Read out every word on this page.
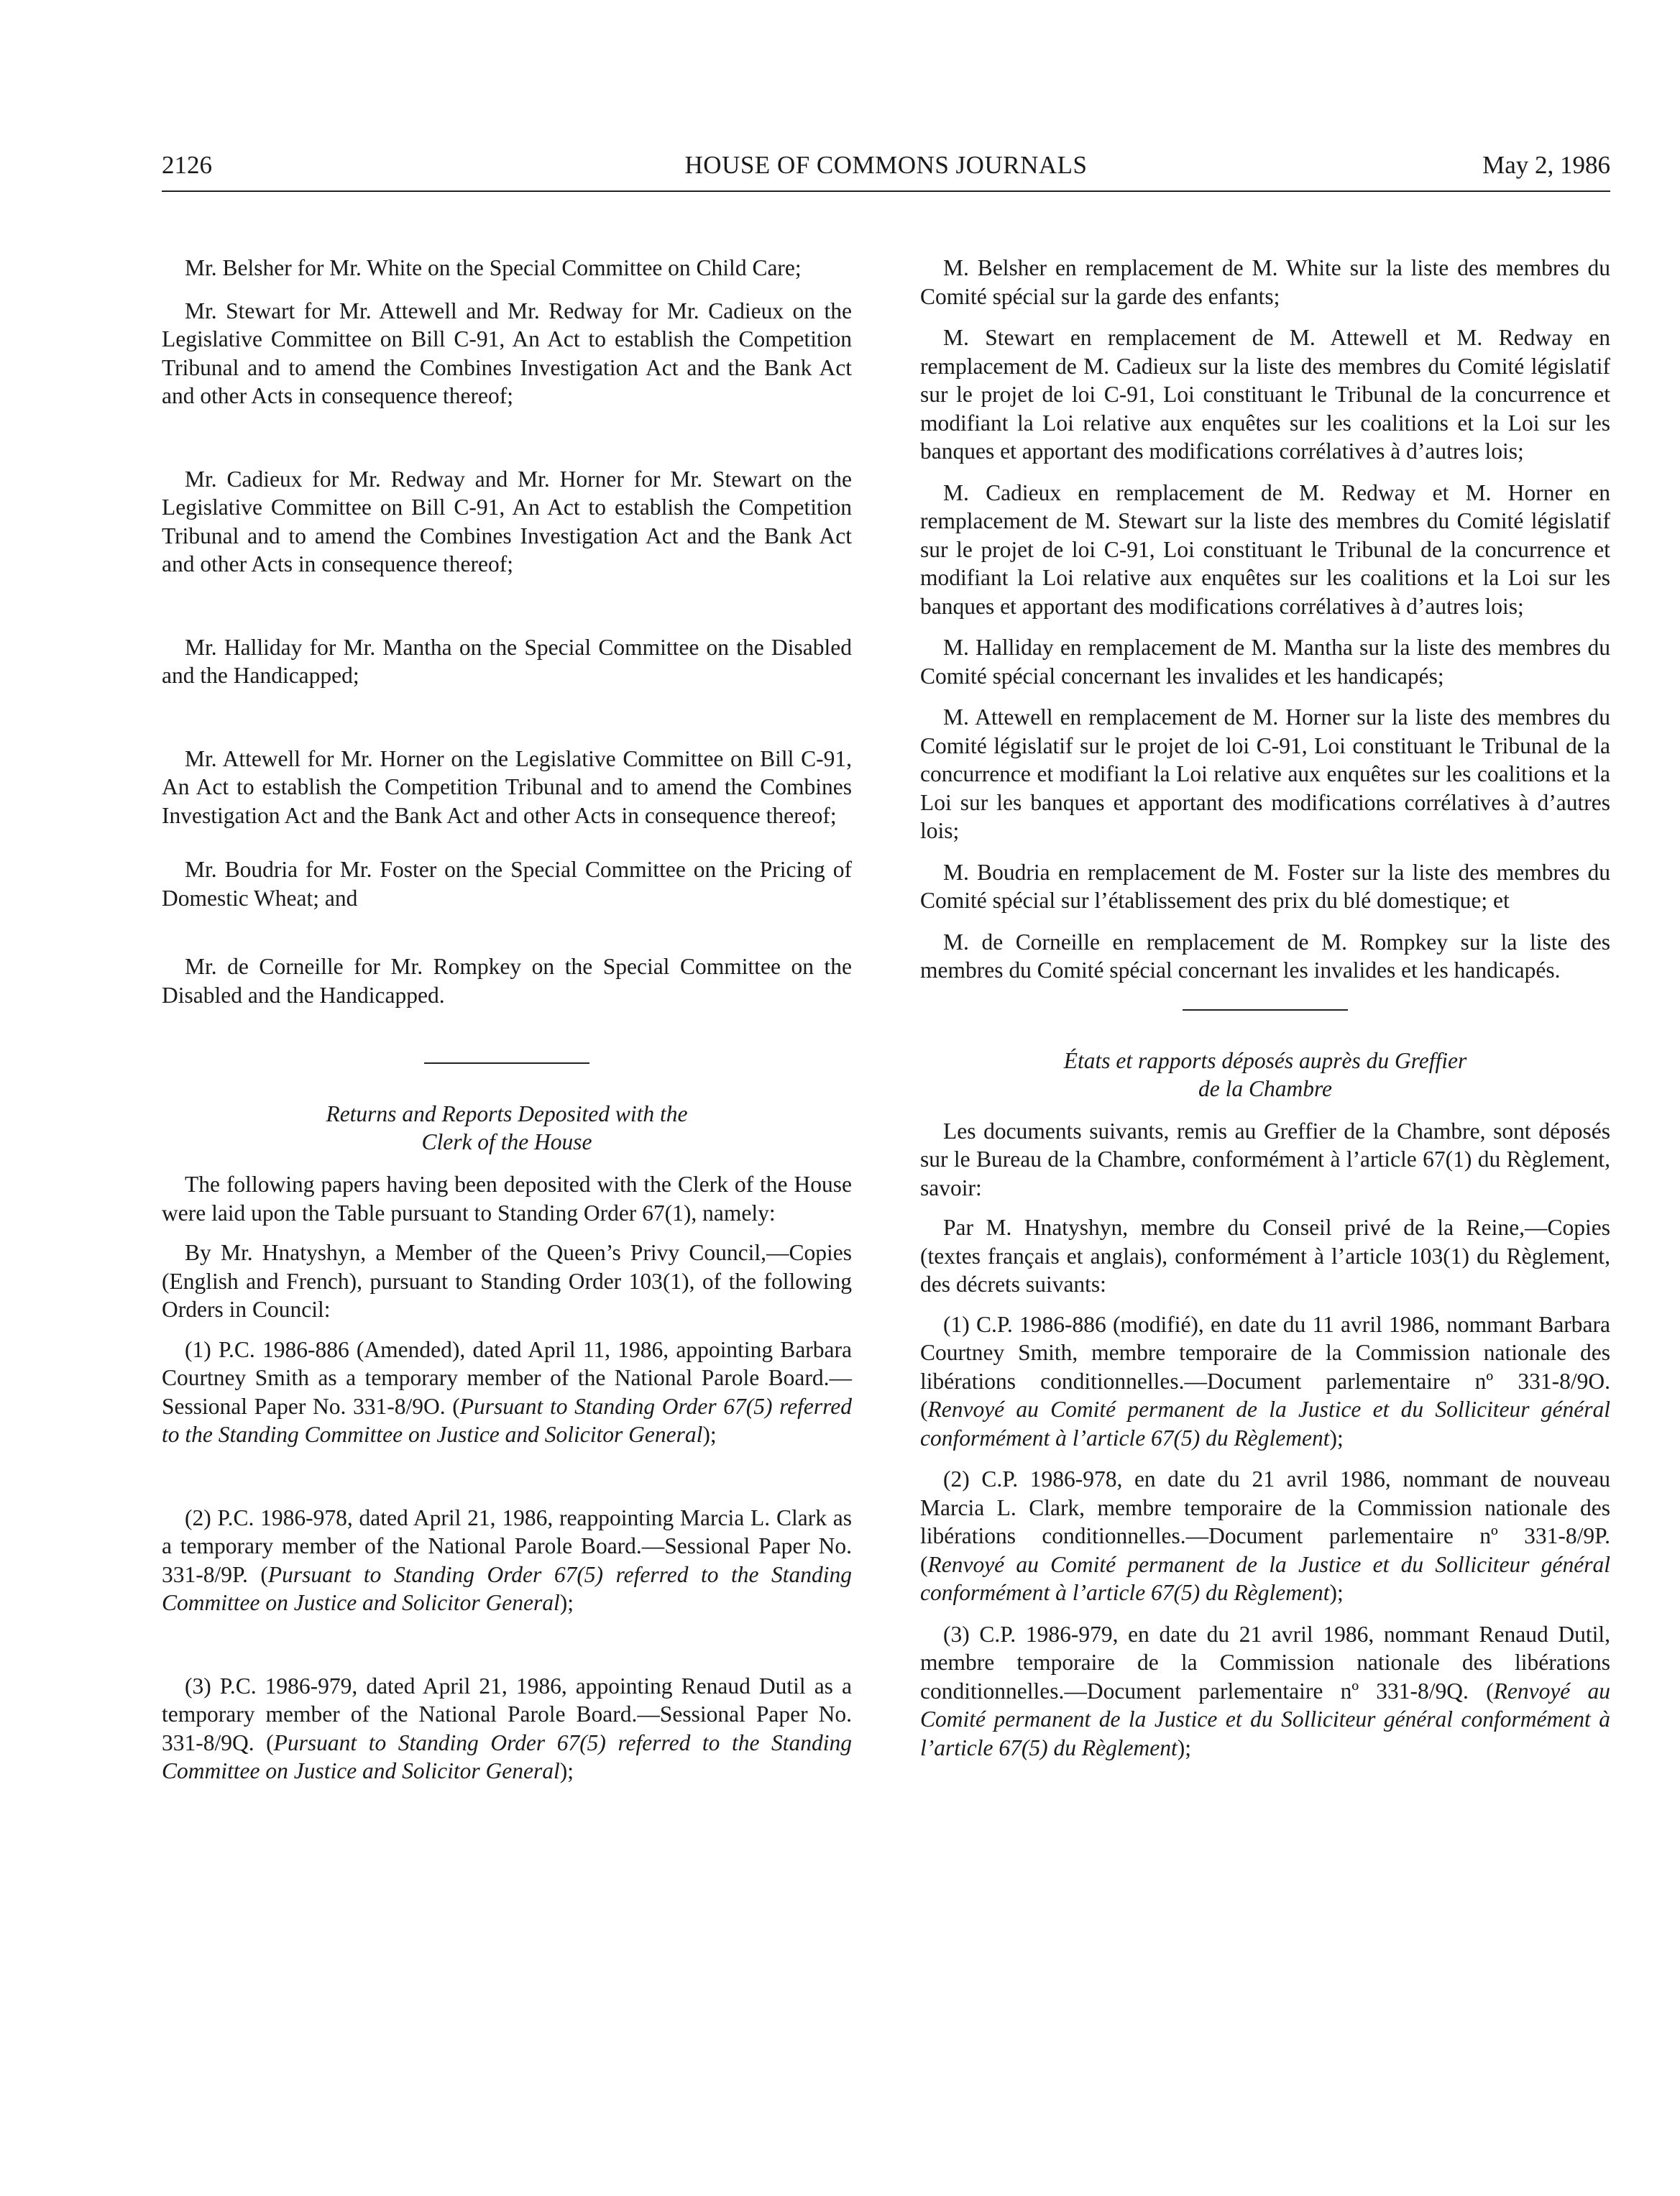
2126	HOUSE OF COMMONS JOURNALS	May 2, 1986

Mr. Belsher for Mr. White on the Special Committee on Child Care;

Mr. Stewart for Mr. Attewell and Mr. Redway for Mr. Cadieux on the Legislative Committee on Bill C-91, An Act to establish the Competition Tribunal and to amend the Combines Investigation Act and the Bank Act and other Acts in consequence thereof;

Mr. Cadieux for Mr. Redway and Mr. Horner for Mr. Stewart on the Legislative Committee on Bill C-91, An Act to establish the Competition Tribunal and to amend the Combines Investigation Act and the Bank Act and other Acts in consequence thereof;

Mr. Halliday for Mr. Mantha on the Special Committee on the Disabled and the Handicapped;

Mr. Attewell for Mr. Horner on the Legislative Committee on Bill C-91, An Act to establish the Competition Tribunal and to amend the Combines Investigation Act and the Bank Act and other Acts in consequence thereof;

Mr. Boudria for Mr. Foster on the Special Committee on the Pricing of Domestic Wheat; and

Mr. de Corneille for Mr. Rompkey on the Special Committee on the Disabled and the Handicapped.

Returns and Reports Deposited with the
Clerk of the House

The following papers having been deposited with the Clerk of the House were laid upon the Table pursuant to Standing Order 67(1), namely:

By Mr. Hnatyshyn, a Member of the Queen’s Privy Council,—Copies (English and French), pursuant to Standing Order 103(1), of the following Orders in Council:

(1) P.C. 1986-886 (Amended), dated April 11, 1986, appointing Barbara Courtney Smith as a temporary member of the National Parole Board.—Sessional Paper No. 331-8/9O. (Pursuant to Standing Order 67(5) referred to the Standing Committee on Justice and Solicitor General);

(2) P.C. 1986-978, dated April 21, 1986, reappointing Marcia L. Clark as a temporary member of the National Parole Board.—Sessional Paper No. 331-8/9P. (Pursuant to Standing Order 67(5) referred to the Standing Committee on Justice and Solicitor General);

(3) P.C. 1986-979, dated April 21, 1986, appointing Renaud Dutil as a temporary member of the National Parole Board.—Sessional Paper No. 331-8/9Q. (Pursuant to Standing Order 67(5) referred to the Standing Committee on Justice and Solicitor General);

M. Belsher en remplacement de M. White sur la liste des membres du Comité spécial sur la garde des enfants;

M. Stewart en remplacement de M. Attewell et M. Redway en remplacement de M. Cadieux sur la liste des membres du Comité législatif sur le projet de loi C-91, Loi constituant le Tribunal de la concurrence et modifiant la Loi relative aux enquêtes sur les coalitions et la Loi sur les banques et apportant des modifications corrélatives à d’autres lois;

M. Cadieux en remplacement de M. Redway et M. Horner en remplacement de M. Stewart sur la liste des membres du Comité législatif sur le projet de loi C-91, Loi constituant le Tribunal de la concurrence et modifiant la Loi relative aux enquêtes sur les coalitions et la Loi sur les banques et apportant des modifications corrélatives à d’autres lois;

M. Halliday en remplacement de M. Mantha sur la liste des membres du Comité spécial concernant les invalides et les handicapés;

M. Attewell en remplacement de M. Horner sur la liste des membres du Comité législatif sur le projet de loi C-91, Loi constituant le Tribunal de la concurrence et modifiant la Loi relative aux enquêtes sur les coalitions et la Loi sur les banques et apportant des modifications corrélatives à d’autres lois;

M. Boudria en remplacement de M. Foster sur la liste des membres du Comité spécial sur l’établissement des prix du blé domestique; et

M. de Corneille en remplacement de M. Rompkey sur la liste des membres du Comité spécial concernant les invalides et les handicapés.

États et rapports déposés auprès du Greffier
de la Chambre

Les documents suivants, remis au Greffier de la Chambre, sont déposés sur le Bureau de la Chambre, conformément à l’article 67(1) du Règlement, savoir:

Par M. Hnatyshyn, membre du Conseil privé de la Reine,—Copies (textes français et anglais), conformément à l’article 103(1) du Règlement, des décrets suivants:

(1) C.P. 1986-886 (modifié), en date du 11 avril 1986, nommant Barbara Courtney Smith, membre temporaire de la Commission nationale des libérations conditionnelles.—Document parlementaire nº 331-8/9O. (Renvoyé au Comité permanent de la Justice et du Solliciteur général conformément à l’article 67(5) du Règlement);

(2) C.P. 1986-978, en date du 21 avril 1986, nommant de nouveau Marcia L. Clark, membre temporaire de la Commission nationale des libérations conditionnelles.—Document parlementaire nº 331-8/9P. (Renvoyé au Comité permanent de la Justice et du Solliciteur général conformément à l’article 67(5) du Règlement);

(3) C.P. 1986-979, en date du 21 avril 1986, nommant Renaud Dutil, membre temporaire de la Commission nationale des libérations conditionnelles.—Document parlementaire nº 331-8/9Q. (Renvoyé au Comité permanent de la Justice et du Solliciteur général conformément à l’article 67(5) du Règlement);
